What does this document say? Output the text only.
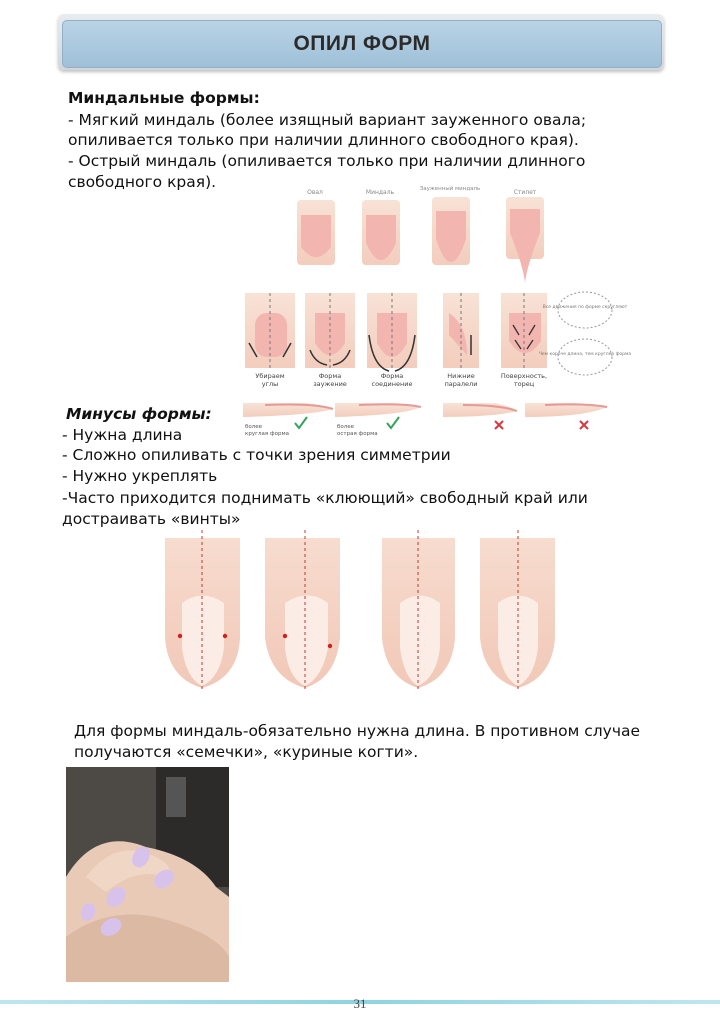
ОПИЛ ФОРМ
Миндальные формы:
- Мягкий миндаль (более изящный вариант зауженного овала;
опиливается только при наличии длинного свободного края).
- Острый миндаль (опиливается только при наличии длинного
свободного края).
Овал	Миндаль	Зауженный миндаль	Стилет
Все движения по форме скругляют
Чем короче длина, тем круглее форма
Убираем
углы
Форма
заужение
Форма
соединение
Нижние
паралели
Поверхность,
торец
более
круглая форма
более
острая форма
Минусы формы:
- Нужна длина
- Сложно опиливать с точки зрения симметрии
- Нужно укреплять
-Часто приходится поднимать «клюющий» свободный край или
достраивать «винты»
Для формы миндаль-обязательно нужна длина. В противном случае
получаются «семечки», «куриные когти».
31
